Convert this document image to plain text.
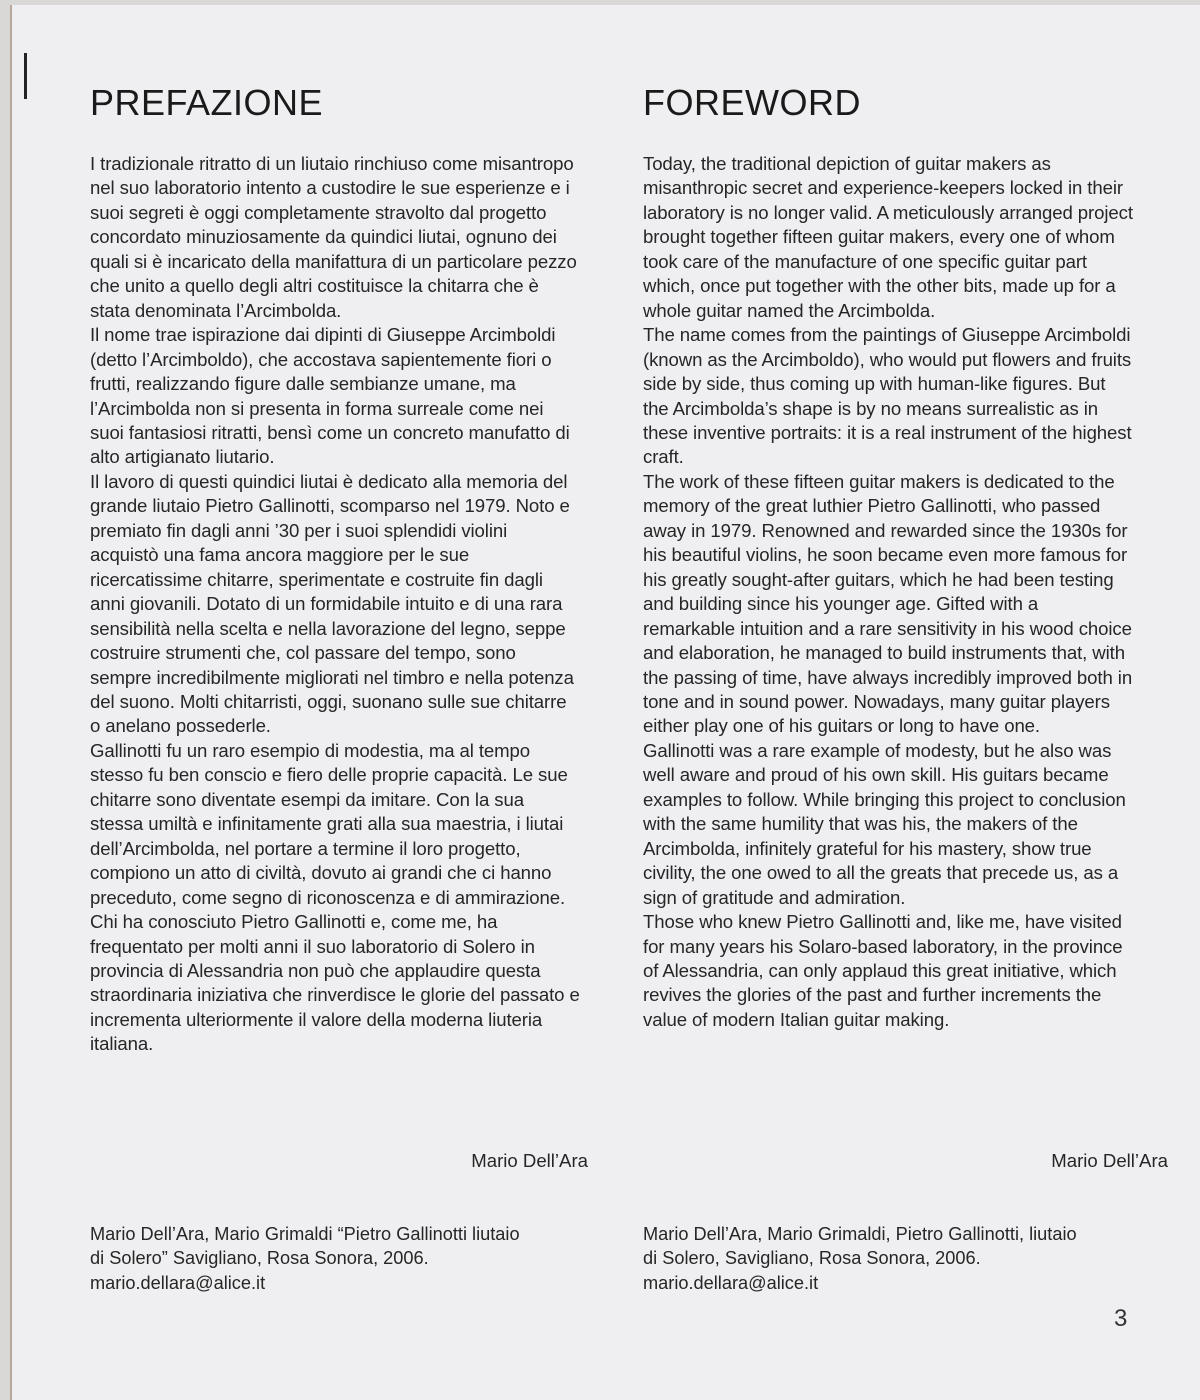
PREFAZIONE

I tradizionale ritratto di un liutaio rinchiuso come misantropo nel suo laboratorio intento a custodire le sue esperienze e i suoi segreti è oggi completamente stravolto dal progetto concordato minuziosamente da quindici liutai, ognuno dei quali si è incaricato della manifattura di un particolare pezzo che unito a quello degli altri costituisce la chitarra che è stata denominata l’Arcimbolda.

Il nome trae ispirazione dai dipinti di Giuseppe Arcimboldi (detto l’Arcimboldo), che accostava sapientemente fiori o frutti, realizzando figure dalle sembianze umane, ma l’Arcimbolda non si presenta in forma surreale come nei suoi fantasiosi ritratti, bensì come un concreto manufatto di alto artigianato liutario.

Il lavoro di questi quindici liutai è dedicato alla memoria del grande liutaio Pietro Gallinotti, scomparso nel 1979. Noto e premiato fin dagli anni ’30 per i suoi splendidi violini acquistò una fama ancora maggiore per le sue ricercatissime chitarre, sperimentate e costruite fin dagli anni giovanili. Dotato di un formidabile intuito e di una rara sensibilità nella scelta e nella lavorazione del legno, seppe costruire strumenti che, col passare del tempo, sono sempre incredibilmente migliorati nel timbro e nella potenza del suono. Molti chitarristi, oggi, suonano sulle sue chitarre o anelano possederle.

Gallinotti fu un raro esempio di modestia, ma al tempo stesso fu ben conscio e fiero delle proprie capacità. Le sue chitarre sono diventate esempi da imitare. Con la sua stessa umiltà e infinitamente grati alla sua maestria, i liutai dell’Arcimbolda, nel portare a termine il loro progetto, compiono un atto di civiltà, dovuto ai grandi che ci hanno preceduto, come segno di riconoscenza e di ammirazione.

Chi ha conosciuto Pietro Gallinotti e, come me, ha frequentato per molti anni il suo laboratorio di Solero in provincia di Alessandria non può che applaudire questa straordinaria iniziativa che rinverdisce le glorie del passato e incrementa ulteriormente il valore della moderna liuteria italiana.

Mario Dell’Ara
Mario Dell’Ara, Mario Grimaldi “Pietro Gallinotti liutaio
di Solero” Savigliano, Rosa Sonora, 2006.
mario.dellara@alice.it
FOREWORD

Today, the traditional depiction of guitar makers as misanthropic secret and experience-keepers locked in their laboratory is no longer valid. A meticulously arranged project brought together fifteen guitar makers, every one of whom took care of the manufacture of one specific guitar part which, once put together with the other bits, made up for a whole guitar named the Arcimbolda.

The name comes from the paintings of Giuseppe Arcimboldi (known as the Arcimboldo), who would put flowers and fruits side by side, thus coming up with human-like figures. But the Arcimbolda’s shape is by no means surrealistic as in these inventive portraits: it is a real instrument of the highest craft.

The work of these fifteen guitar makers is dedicated to the memory of the great luthier Pietro Gallinotti, who passed away in 1979. Renowned and rewarded since the 1930s for his beautiful violins, he soon became even more famous for his greatly sought-after guitars, which he had been testing and building since his younger age. Gifted with a remarkable intuition and a rare sensitivity in his wood choice and elaboration, he managed to build instruments that, with the passing of time, have always incredibly improved both in tone and in sound power. Nowadays, many guitar players either play one of his guitars or long to have one.

Gallinotti was a rare example of modesty, but he also was well aware and proud of his own skill. His guitars became examples to follow. While bringing this project to conclusion with the same humility that was his, the makers of the Arcimbolda, infinitely grateful for his mastery, show true civility, the one owed to all the greats that precede us, as a sign of gratitude and admiration.

Those who knew Pietro Gallinotti and, like me, have visited for many years his Solaro-based laboratory, in the province of Alessandria, can only applaud this great initiative, which revives the glories of the past and further increments the value of modern Italian guitar making.

Mario Dell’Ara
Mario Dell’Ara, Mario Grimaldi, Pietro Gallinotti, liutaio
di Solero, Savigliano, Rosa Sonora, 2006.
mario.dellara@alice.it
3
